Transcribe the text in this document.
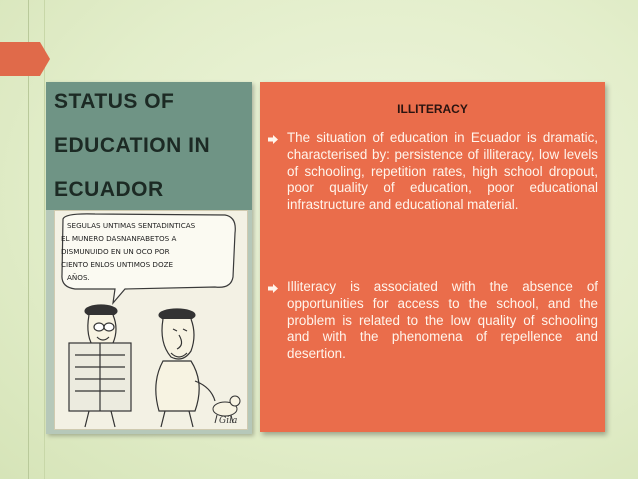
STATUS OF
EDUCATION IN
ECUADOR
SEGULAS UNTIMAS SENTADINTICAS
EL MUNERO DASNANFABETOS A
DISMUNUIDO EN UN OCO POR
CIENTO ENLOS UNTIMOS DOZE
AÑOS.
Gila
ILLITERACY
The situation of education in Ecuador is dramatic, characterised by: persistence of illiteracy, low levels of schooling, repetition rates, high school dropout, poor quality of education, poor educational infrastructure and educational material.
Illiteracy is associated with the absence of opportunities for access to the school, and the problem is related to the low quality of schooling and with the phenomena of repellence and desertion.
